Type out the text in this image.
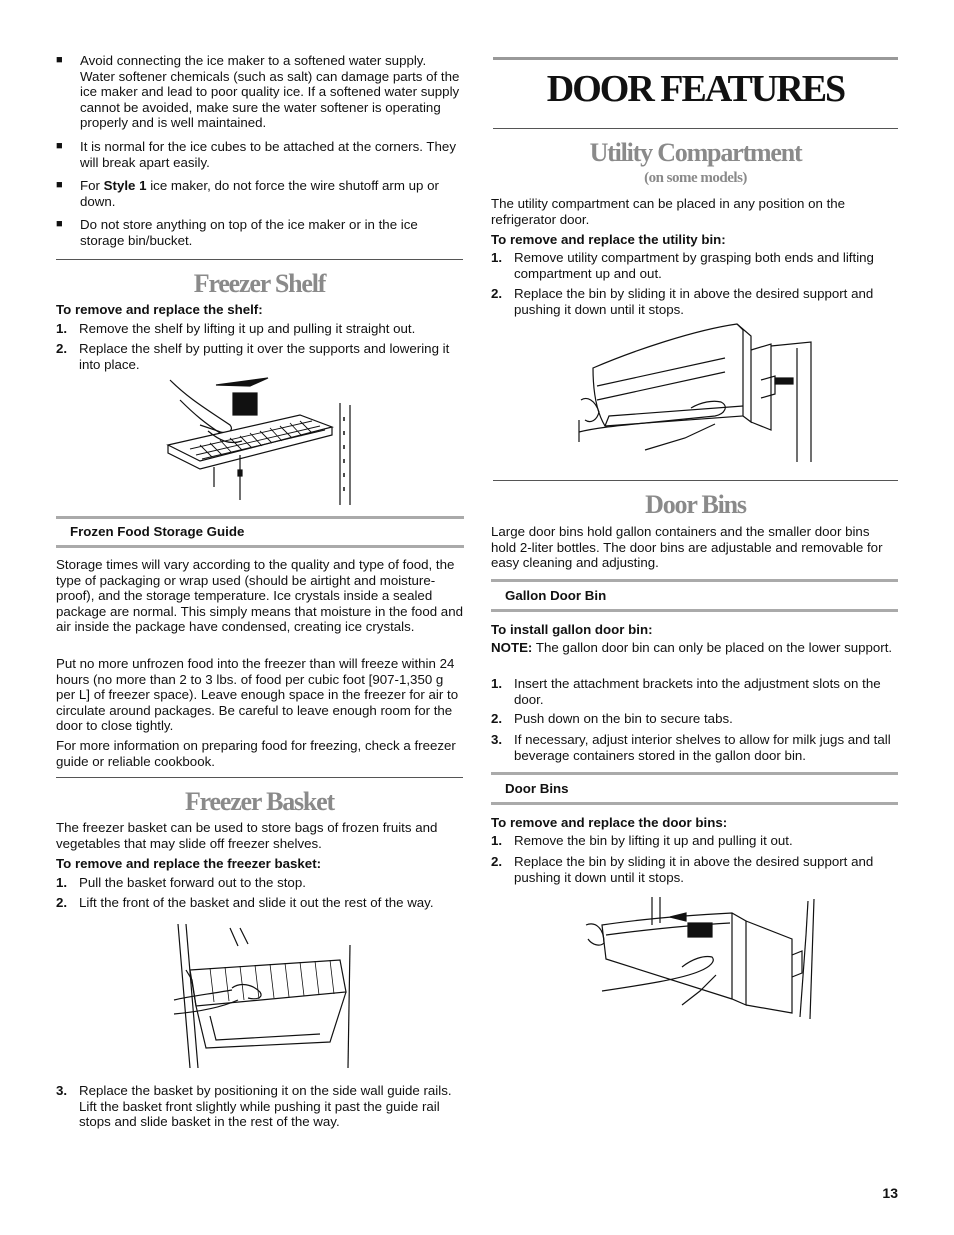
■	Avoid connecting the ice maker to a softened water supply. Water softener chemicals (such as salt) can damage parts of the ice maker and lead to poor quality ice. If a softened water supply cannot be avoided, make sure the water softener is operating properly and is well maintained.

■	It is normal for the ice cubes to be attached at the corners. They will break apart easily.

■	For Style 1 ice maker, do not force the wire shutoff arm up or down.

■	Do not store anything on top of the ice maker or in the ice storage bin/bucket.

Freezer Shelf
To remove and replace the shelf:
1. Remove the shelf by lifting it up and pulling it straight out.
2. Replace the shelf by putting it over the supports and lowering it into place.
Frozen Food Storage Guide

Storage times will vary according to the quality and type of food, the type of packaging or wrap used (should be airtight and moisture-proof), and the storage temperature. Ice crystals inside a sealed package are normal. This simply means that moisture in the food and air inside the package have condensed, creating ice crystals.

Put no more unfrozen food into the freezer than will freeze within 24 hours (no more than 2 to 3 lbs. of food per cubic foot [907-1,350 g per L] of freezer space). Leave enough space in the freezer for air to circulate around packages. Be careful to leave enough room for the door to close tightly.

For more information on preparing food for freezing, check a freezer guide or reliable cookbook.

Freezer Basket

The freezer basket can be used to store bags of frozen fruits and vegetables that may slide off freezer shelves.

To remove and replace the freezer basket:
1. Pull the basket forward out to the stop.
2. Lift the front of the basket and slide it out the rest of the way.
3. Replace the basket by positioning it on the side wall guide rails. Lift the basket front slightly while pushing it past the guide rail stops and slide basket in the rest of the way.
DOOR FEATURES
Utility Compartment
(on some models)

The utility compartment can be placed in any position on the refrigerator door.

To remove and replace the utility bin:
1. Remove utility compartment by grasping both ends and lifting compartment up and out.
2. Replace the bin by sliding it in above the desired support and pushing it down until it stops.
Door Bins

Large door bins hold gallon containers and the smaller door bins hold 2-liter bottles. The door bins are adjustable and removable for easy cleaning and adjusting.

Gallon Door Bin
To install gallon door bin:

NOTE: The gallon door bin can only be placed on the lower support.

1. Insert the attachment brackets into the adjustment slots on the door.
2. Push down on the bin to secure tabs.
3. If necessary, adjust interior shelves to allow for milk jugs and tall beverage containers stored in the gallon door bin.
Door Bins
To remove and replace the door bins:
1. Remove the bin by lifting it up and pulling it out.
2. Replace the bin by sliding it in above the desired support and pushing it down until it stops.
13
